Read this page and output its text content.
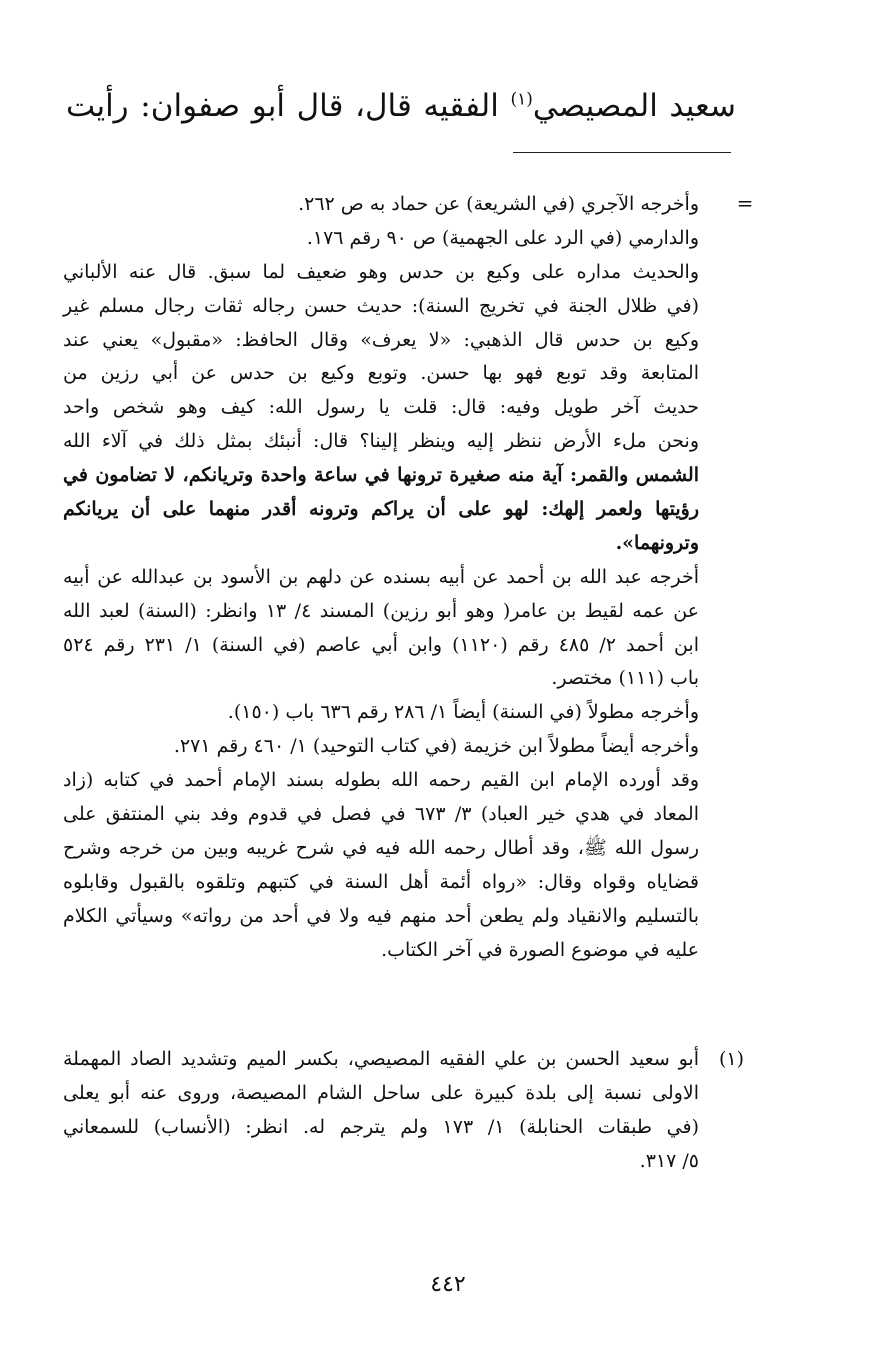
سعيد المصيصي$^{(١)}$ الفقيه قال، قال أبو صفوان: رأيت
=
وأخرجه الآجري (في الشريعة) عن حماد به ص ٢٦٢.
والدارمي (في الرد على الجهمية) ص ٩٠ رقم ١٧٦.
والحديث مداره على وكيع بن حدس وهو ضعيف لما سبق. قال عنه الألباني
(في ظلال الجنة في تخريج السنة): حديث حسن رجاله ثقات رجال مسلم غير
وكيع بن حدس قال الذهبي: «لا يعرف» وقال الحافظ: «مقبول» يعني عند
المتابعة وقد توبع فهو بها حسن. وتوبع وكيع بن حدس عن أبي رزين من
حديث آخر طويل وفيه: قال: قلت يا رسول الله: كيف وهو شخص واحد
ونحن ملء الأرض ننظر إليه وينظر إلينا؟ قال: أنبئك بمثل ذلك في آلاء الله
الشمس والقمر: آية منه صغيرة ترونها في ساعة واحدة وتريانكم، لا تضامون في
رؤيتها ولعمر إلهك: لهو على أن يراكم وترونه أقدر منهما على أن يريانكم
وترونهما».
أخرجه عبد الله بن أحمد عن أبيه بسنده عن دلهم بن الأسود بن عبدالله عن أبيه
عن عمه لقيط بن عامر( وهو أبو رزين) المسند ٤/ ١٣ وانظر: (السنة) لعبد الله
ابن أحمد ٢/ ٤٨٥ رقم (١١٢٠) وابن أبي عاصم (في السنة) ١/ ٢٣١ رقم ٥٢٤
باب (١١١) مختصر.
وأخرجه مطولاً (في السنة) أيضاً ١/ ٢٨٦ رقم ٦٣٦ باب (١٥٠).
وأخرجه أيضاً مطولاً ابن خزيمة (في كتاب التوحيد) ١/ ٤٦٠ رقم ٢٧١.
وقد أورده الإمام ابن القيم رحمه الله بطوله بسند الإمام أحمد في كتابه (زاد
المعاد في هدي خير العباد) ٣/ ٦٧٣ في فصل في قدوم وفد بني المنتفق على
رسول الله ﷺ، وقد أطال رحمه الله فيه في شرح غريبه وبين من خرجه وشرح
قضاياه وقواه وقال: «رواه أئمة أهل السنة في كتبهم وتلقوه بالقبول وقابلوه
بالتسليم والانقياد ولم يطعن أحد منهم فيه ولا في أحد من رواته» وسيأتي الكلام
عليه في موضوع الصورة في آخر الكتاب.
(١)
أبو سعيد الحسن بن علي الفقيه المصيصي، بكسر الميم وتشديد الصاد المهملة
الاولى نسبة إلى بلدة كبيرة على ساحل الشام المصيصة، وروى عنه أبو يعلى
(في طبقات الحنابلة) ١/ ١٧٣ ولم يترجم له. انظر: (الأنساب) للسمعاني
٥/ ٣١٧.
٤٤٢
